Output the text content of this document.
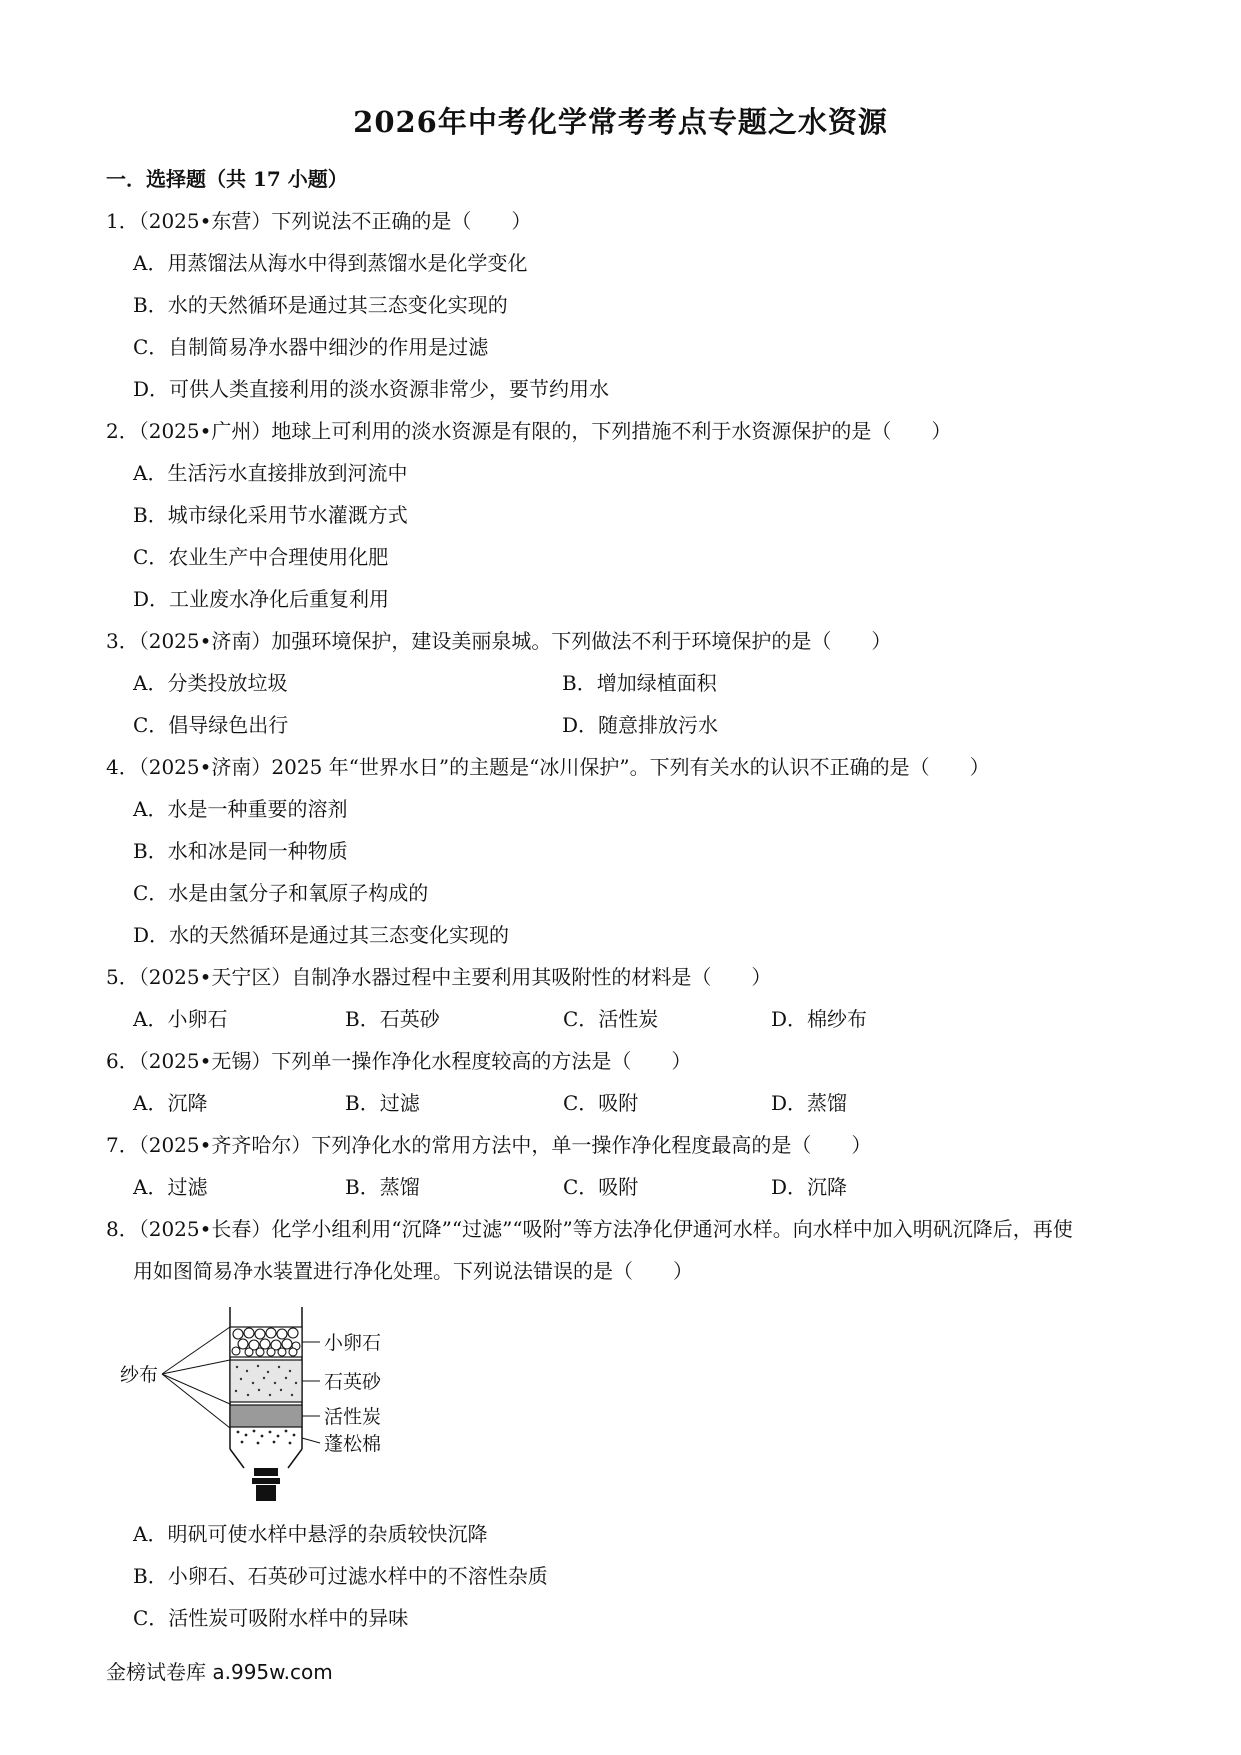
2026年中考化学常考考点专题之水资源
一．选择题（共 17 小题）
1．（2025•东营）下列说法不正确的是（　　）
A．用蒸馏法从海水中得到蒸馏水是化学变化
B．水的天然循环是通过其三态变化实现的
C．自制简易净水器中细沙的作用是过滤
D．可供人类直接利用的淡水资源非常少，要节约用水
2．（2025•广州）地球上可利用的淡水资源是有限的，下列措施不利于水资源保护的是（　　）
A．生活污水直接排放到河流中
B．城市绿化采用节水灌溉方式
C．农业生产中合理使用化肥
D．工业废水净化后重复利用
3．（2025•济南）加强环境保护，建设美丽泉城。下列做法不利于环境保护的是（　　）
A．分类投放垃圾	B．增加绿植面积
C．倡导绿色出行	D．随意排放污水
4．（2025•济南）2025 年“世界水日”的主题是“冰川保护”。下列有关水的认识不正确的是（　　）
A．水是一种重要的溶剂
B．水和冰是同一种物质
C．水是由氢分子和氧原子构成的
D．水的天然循环是通过其三态变化实现的
5．（2025•天宁区）自制净水器过程中主要利用其吸附性的材料是（　　）
A．小卵石	B．石英砂	C．活性炭	D．棉纱布
6．（2025•无锡）下列单一操作净化水程度较高的方法是（　　）
A．沉降	B．过滤	C．吸附	D．蒸馏
7．（2025•齐齐哈尔）下列净化水的常用方法中，单一操作净化程度最高的是（　　）
A．过滤	B．蒸馏	C．吸附	D．沉降
8．（2025•长春）化学小组利用“沉降”“过滤”“吸附”等方法净化伊通河水样。向水样中加入明矾沉降后，再使
用如图简易净水装置进行净化处理。下列说法错误的是（　　）
纱布
小卵石
石英砂
活性炭
蓬松棉
A．明矾可使水样中悬浮的杂质较快沉降
B．小卵石、石英砂可过滤水样中的不溶性杂质
C．活性炭可吸附水样中的异味
金榜试卷库 a.995w.com
